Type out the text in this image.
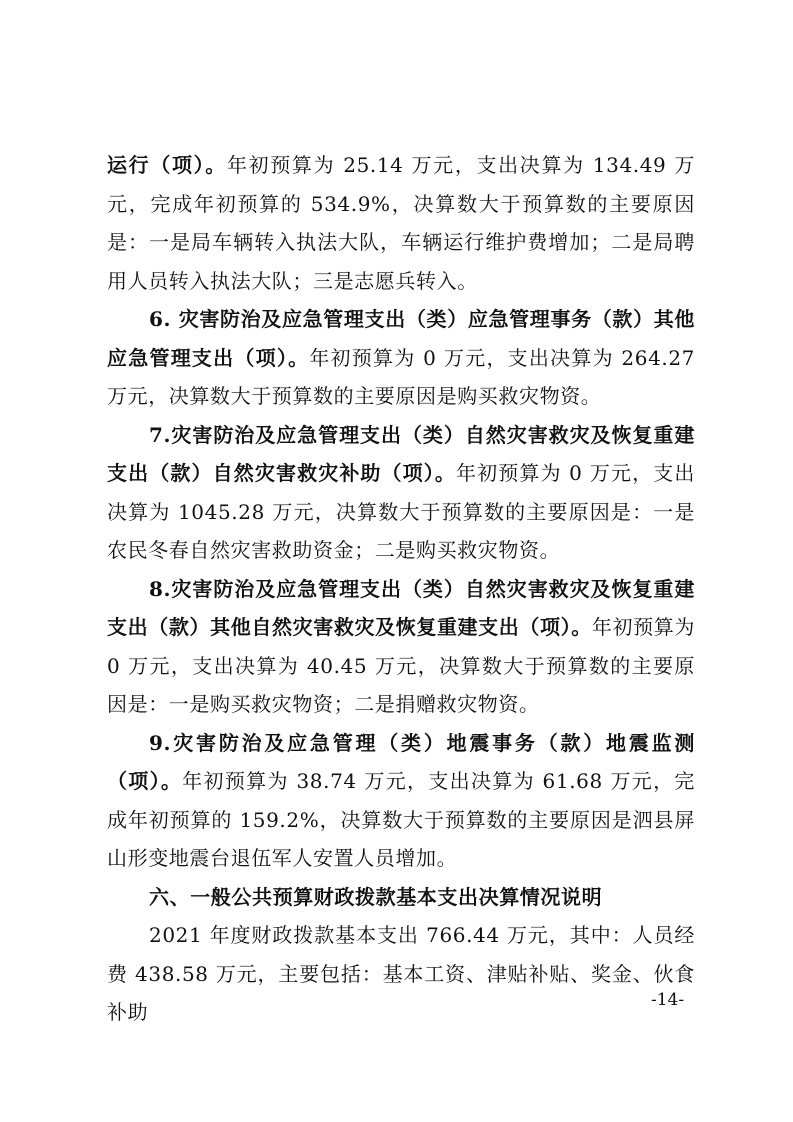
运行（项）。年初预算为 25.14 万元，支出决算为 134.49 万元，完成年初预算的 534.9%，决算数大于预算数的主要原因是：一是局车辆转入执法大队，车辆运行维护费增加；二是局聘用人员转入执法大队；三是志愿兵转入。

6. 灾害防治及应急管理支出（类）应急管理事务（款）其他应急管理支出（项）。年初预算为 0 万元，支出决算为 264.27 万元，决算数大于预算数的主要原因是购买救灾物资。

7.灾害防治及应急管理支出（类）自然灾害救灾及恢复重建支出（款）自然灾害救灾补助（项）。年初预算为 0 万元，支出决算为 1045.28 万元，决算数大于预算数的主要原因是：一是农民冬春自然灾害救助资金；二是购买救灾物资。

8.灾害防治及应急管理支出（类）自然灾害救灾及恢复重建支出（款）其他自然灾害救灾及恢复重建支出（项）。年初预算为 0 万元，支出决算为 40.45 万元，决算数大于预算数的主要原因是：一是购买救灾物资；二是捐赠救灾物资。

9.灾害防治及应急管理（类）地震事务（款）地震监测（项）。年初预算为 38.74 万元，支出决算为 61.68 万元，完成年初预算的 159.2%，决算数大于预算数的主要原因是泗县屏山形变地震台退伍军人安置人员增加。

六、一般公共预算财政拨款基本支出决算情况说明

2021 年度财政拨款基本支出 766.44 万元，其中：人员经费 438.58 万元，主要包括：基本工资、津贴补贴、奖金、伙食补助	-14-
